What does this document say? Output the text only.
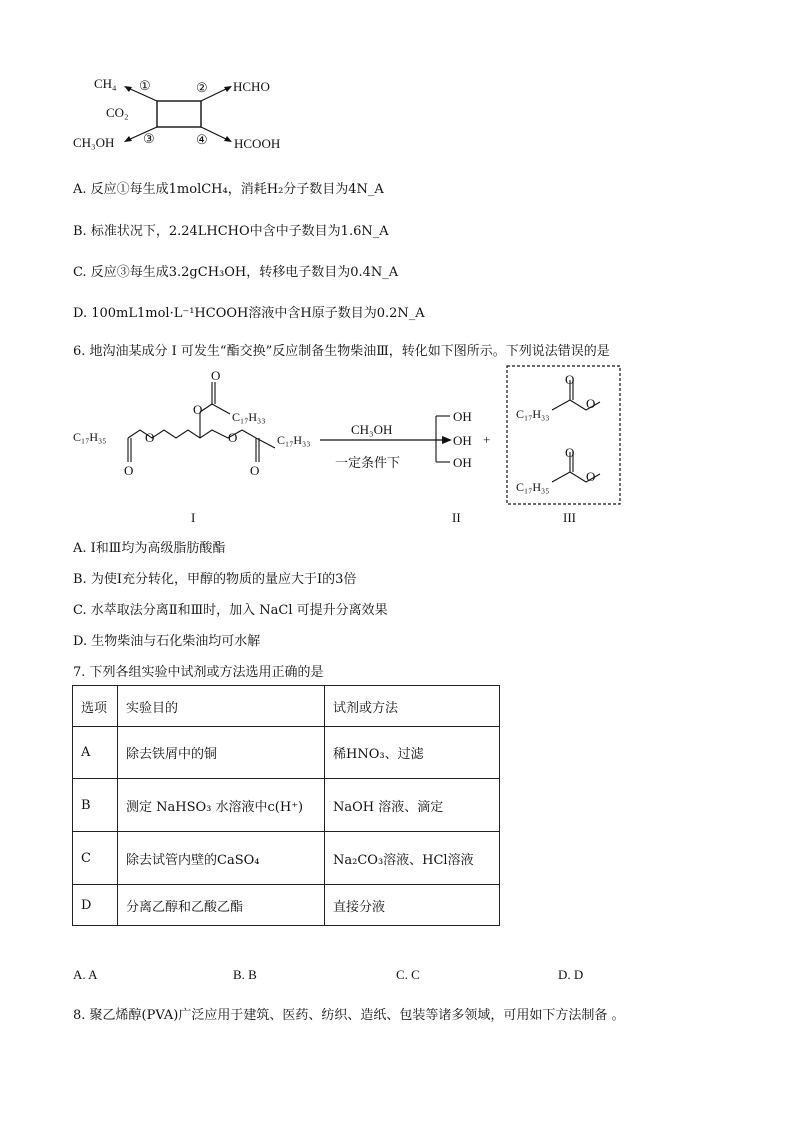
CO₂
CH₄ ①	② HCHO
CH₃OH ③	④ HCOOH
A. 反应①每生成1molCH₄，消耗H₂分子数目为4N_A
B. 标准状况下，2.24LHCHO中含中子数目为1.6N_A
C. 反应③每生成3.2gCH₃OH，转移电子数目为0.4N_A
D. 100mL1mol·L⁻¹HCOOH溶液中含H原子数目为0.2N_A
6. 地沟油某成分 I 可发生“酯交换”反应制备生物柴油Ⅲ，转化如下图所示。下列说法错误的是
O
C₁₇H₃₅	O
O
O C₁₇H₃₃
O
O
C₁₇H₃₃
CH₃OH
一定条件下
OH
OH
OH
+
O
C₁₇H₃₃
O
O
C₁₇H₃₅
O
I	II	III
A. Ⅰ和Ⅲ均为高级脂肪酸酯
B. 为使Ⅰ充分转化，甲醇的物质的量应大于Ⅰ的3倍
C. 水萃取法分离Ⅱ和Ⅲ时，加入 NaCl 可提升分离效果
D. 生物柴油与石化柴油均可水解
7. 下列各组实验中试剂或方法选用正确的是
选项	实验目的	试剂或方法
A	除去铁屑中的铜	稀HNO₃、过滤
B	测定 NaHSO₃ 水溶液中c(H⁺)	NaOH 溶液、滴定
C	除去试管内壁的CaSO₄	Na₂CO₃溶液、HCl溶液
D	分离乙醇和乙酸乙酯	直接分液
A. A	B. B	C. C	D. D
8. 聚乙烯醇(PVA)广泛应用于建筑、医药、纺织、造纸、包装等诸多领域，可用如下方法制备 。
